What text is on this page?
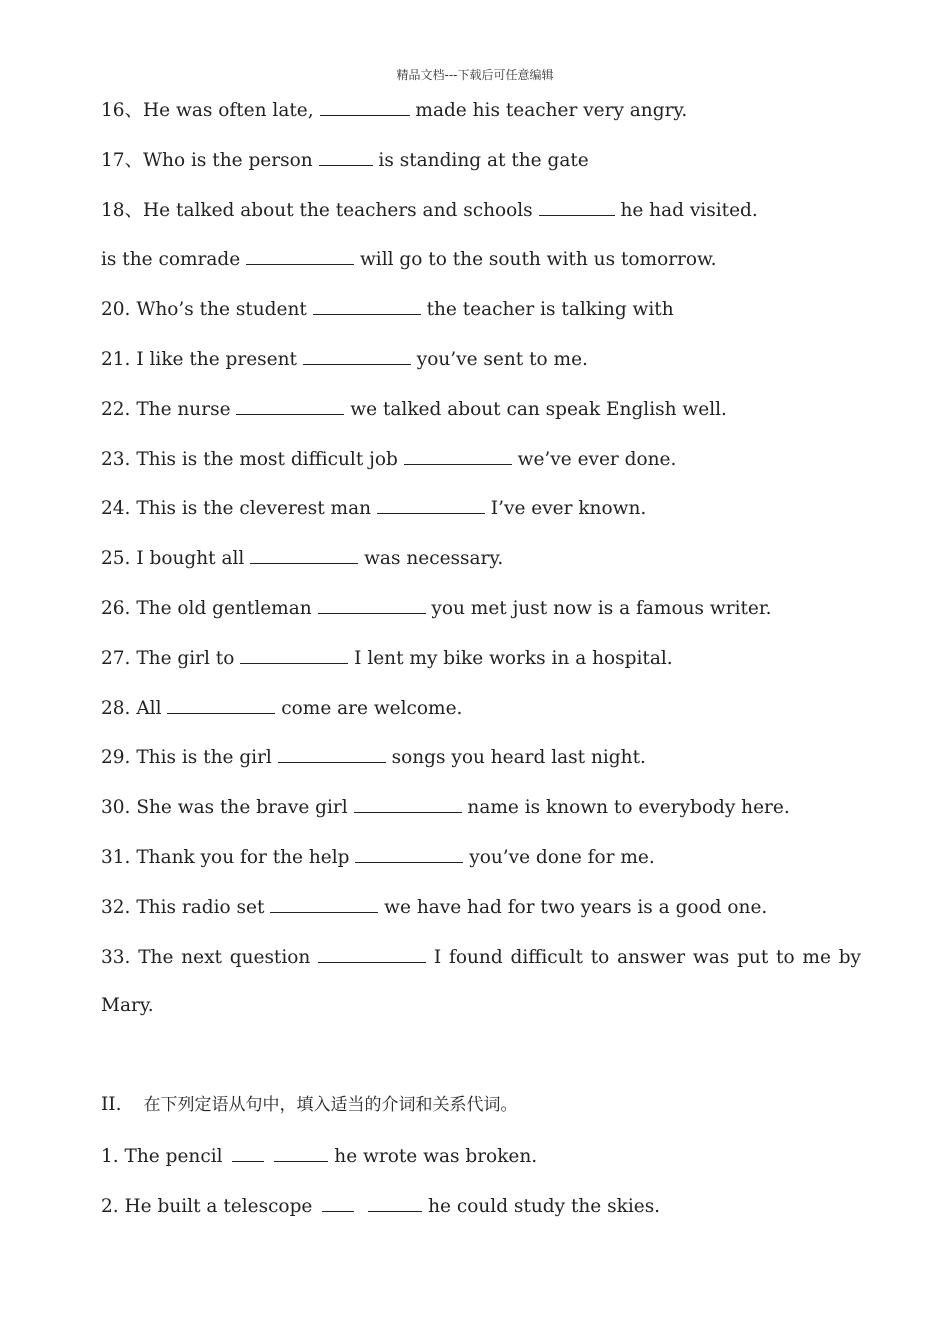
精品文档---下载后可任意编辑
16、He was often late,	made his teacher very angry.
17、Who is the person	is standing at the gate
18、He talked about the teachers and schools	he had visited.
is the comrade	will go to the south with us tomorrow.
20. Who’s the student	the teacher is talking with
21. I like the present	you’ve sent to me.
22. The nurse	we talked about can speak English well.
23. This is the most difficult job	we’ve ever done.
24. This is the cleverest man	I’ve ever known.
25. I bought all	was necessary.
26. The old gentleman	you met just now is a famous writer.
27. The girl to	I lent my bike works in a hospital.
28. All	come are welcome.
29. This is the girl	songs you heard last night.
30. She was the brave girl	name is known to everybody here.
31. Thank you for the help	you’ve done for me.
32. This radio set	we have had for two years is a good one.
33. The next question	I found difficult to answer was put to me by
Mary.
II. 在下列定语从句中，填入适当的介词和关系代词。
1. The pencil	he wrote was broken.
2. He built a telescope	he could study the skies.
